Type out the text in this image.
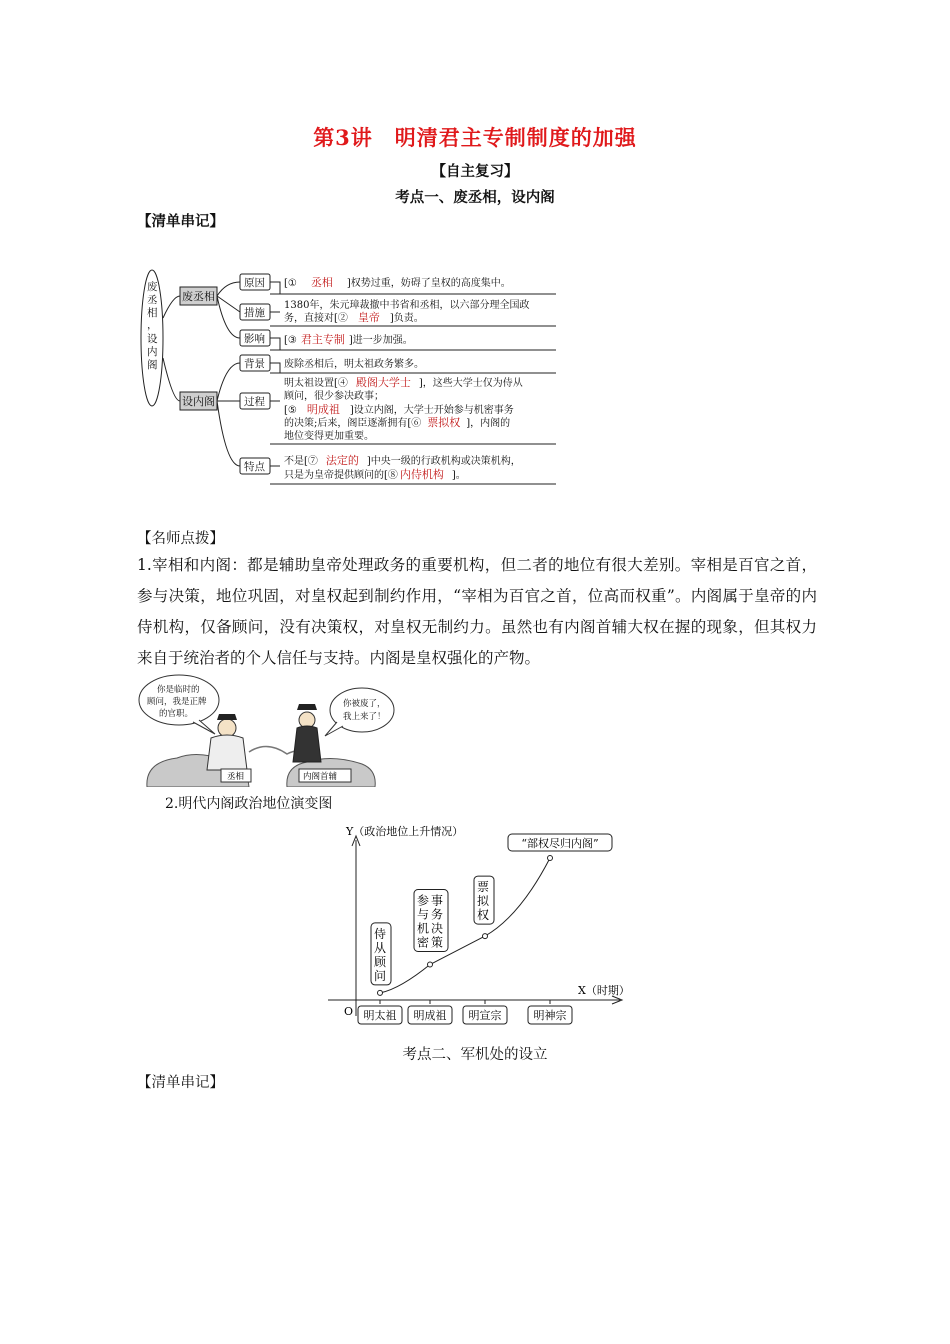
第3讲　明清君主专制制度的加强
【自主复习】
考点一、废丞相，设内阁
【清单串记】
废
丞
相
，
设
内
阁
废丞相
设内阁
原因
措施
影响
背景
过程
特点
[① 丞相 ]权势过重，妨碍了皇权的高度集中。
1380年，朱元璋裁撤中书省和丞相，以六部分理全国政
务，直接对[② 皇帝 ]负责。
[③ 君主专制 ]进一步加强。
废除丞相后，明太祖政务繁多。
明太祖设置[④ 殿阁大学士 ]，这些大学士仅为侍从
顾问，很少参决政事；
[⑤ 明成祖 ]设立内阁，大学士开始参与机密事务
的决策;后来，阁臣逐渐拥有[⑥ 票拟权 ]，内阁的
地位变得更加重要。
不是[⑦ 法定的 ]中央一级的行政机构或决策机构，
只是为皇帝提供顾问的[⑧ 内侍机构 ]。
【名师点拨】
1.宰相和内阁：都是辅助皇帝处理政务的重要机构，但二者的地位有很大差别。宰相是百官之首，参与决策，地位巩固，对皇权起到制约作用，“宰相为百官之首，位高而权重”。内阁属于皇帝的内侍机构，仅备顾问，没有决策权，对皇权无制约力。虽然也有内阁首辅大权在握的现象，但其权力来自于统治者的个人信任与支持。内阁是皇权强化的产物。
你是临时的
顾问，我是正牌
的官职。
你被废了，
我上来了！
丞相	内阁首辅
2.明代内阁政治地位演变图
Y（政治地位上升情况）
X（时期）
O 明太祖 明成祖 明宣宗	明神宗
侍从顾问
参与机密事务决策
票拟权
“部权尽归内阁”
考点二、军机处的设立
【清单串记】
